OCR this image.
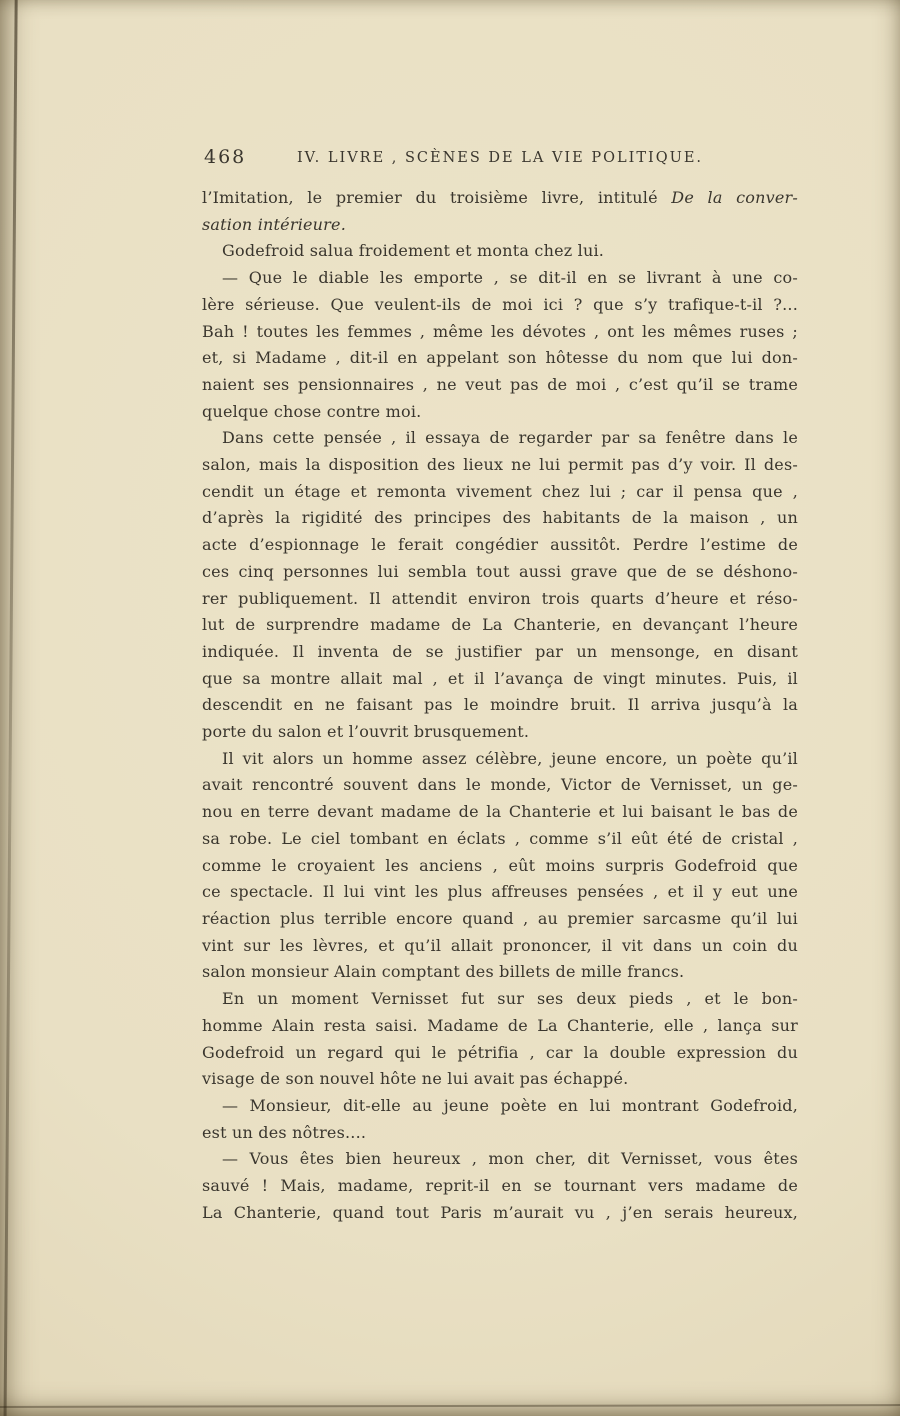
468	IV. LIVRE , SCÈNES DE LA VIE POLITIQUE.
l’Imitation, le premier du troisième livre, intitulé De la conver-
sation intérieure.
Godefroid salua froidement et monta chez lui.
— Que le diable les emporte , se dit-il en se livrant à une co-
lère sérieuse. Que veulent-ils de moi ici ? que s’y trafique-t-il ?...
Bah ! toutes les femmes , même les dévotes , ont les mêmes ruses ;
et, si Madame , dit-il en appelant son hôtesse du nom que lui don-
naient ses pensionnaires , ne veut pas de moi , c’est qu’il se trame
quelque chose contre moi.
Dans cette pensée , il essaya de regarder par sa fenêtre dans le
salon, mais la disposition des lieux ne lui permit pas d’y voir. Il des-
cendit un étage et remonta vivement chez lui ; car il pensa que ,
d’après la rigidité des principes des habitants de la maison , un
acte d’espionnage le ferait congédier aussitôt. Perdre l’estime de
ces cinq personnes lui sembla tout aussi grave que de se déshono-
rer publiquement. Il attendit environ trois quarts d’heure et réso-
lut de surprendre madame de La Chanterie, en devançant l’heure
indiquée. Il inventa de se justifier par un mensonge, en disant
que sa montre allait mal , et il l’avança de vingt minutes. Puis, il
descendit en ne faisant pas le moindre bruit. Il arriva jusqu’à la
porte du salon et l’ouvrit brusquement.
Il vit alors un homme assez célèbre, jeune encore, un poète qu’il
avait rencontré souvent dans le monde, Victor de Vernisset, un ge-
nou en terre devant madame de la Chanterie et lui baisant le bas de
sa robe. Le ciel tombant en éclats , comme s’il eût été de cristal ,
comme le croyaient les anciens , eût moins surpris Godefroid que
ce spectacle. Il lui vint les plus affreuses pensées , et il y eut une
réaction plus terrible encore quand , au premier sarcasme qu’il lui
vint sur les lèvres, et qu’il allait prononcer, il vit dans un coin du
salon monsieur Alain comptant des billets de mille francs.
En un moment Vernisset fut sur ses deux pieds , et le bon-
homme Alain resta saisi. Madame de La Chanterie, elle , lança sur
Godefroid un regard qui le pétrifia , car la double expression du
visage de son nouvel hôte ne lui avait pas échappé.
— Monsieur, dit-elle au jeune poète en lui montrant Godefroid,
est un des nôtres....
— Vous êtes bien heureux , mon cher, dit Vernisset, vous êtes
sauvé ! Mais, madame, reprit-il en se tournant vers madame de
La Chanterie, quand tout Paris m’aurait vu , j’en serais heureux,
